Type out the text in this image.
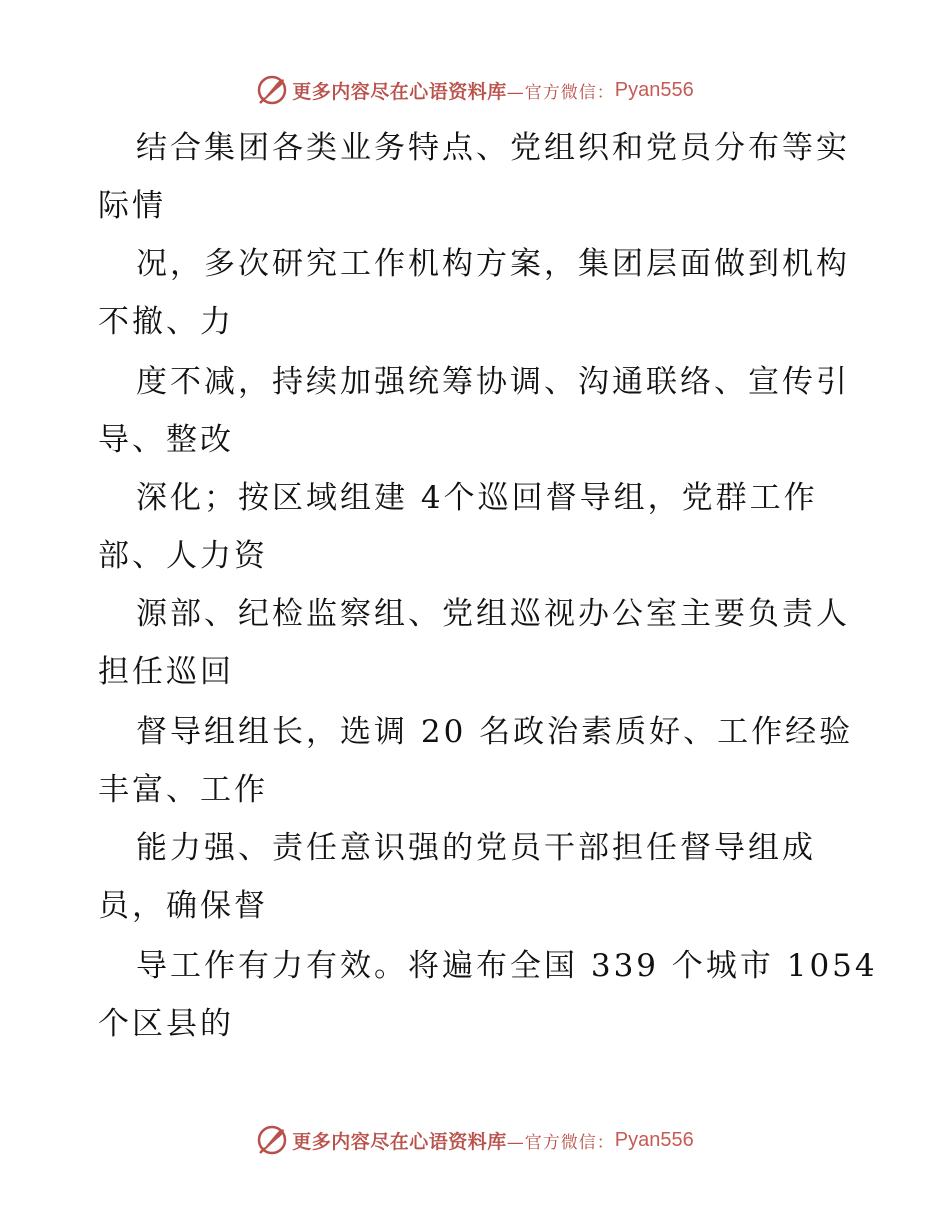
更多内容尽在心语资料库 —官方微信： Pyan556
结合集团各类业务特点、党组织和党员分布等实
际情
况，多次研究工作机构方案，集团层面做到机构
不撤、力
度不减，持续加强统筹协调、沟通联络、宣传引
导、整改
深化；按区域组建 4个巡回督导组，党群工作
部、人力资
源部、纪检监察组、党组巡视办公室主要负责人
担任巡回
督导组组长，选调 20 名政治素质好、工作经验
丰富、工作
能力强、责任意识强的党员干部担任督导组成
员，确保督
导工作有力有效。将遍布全国 339 个城市 1054
个区县的
更多内容尽在心语资料库 —官方微信： Pyan556
